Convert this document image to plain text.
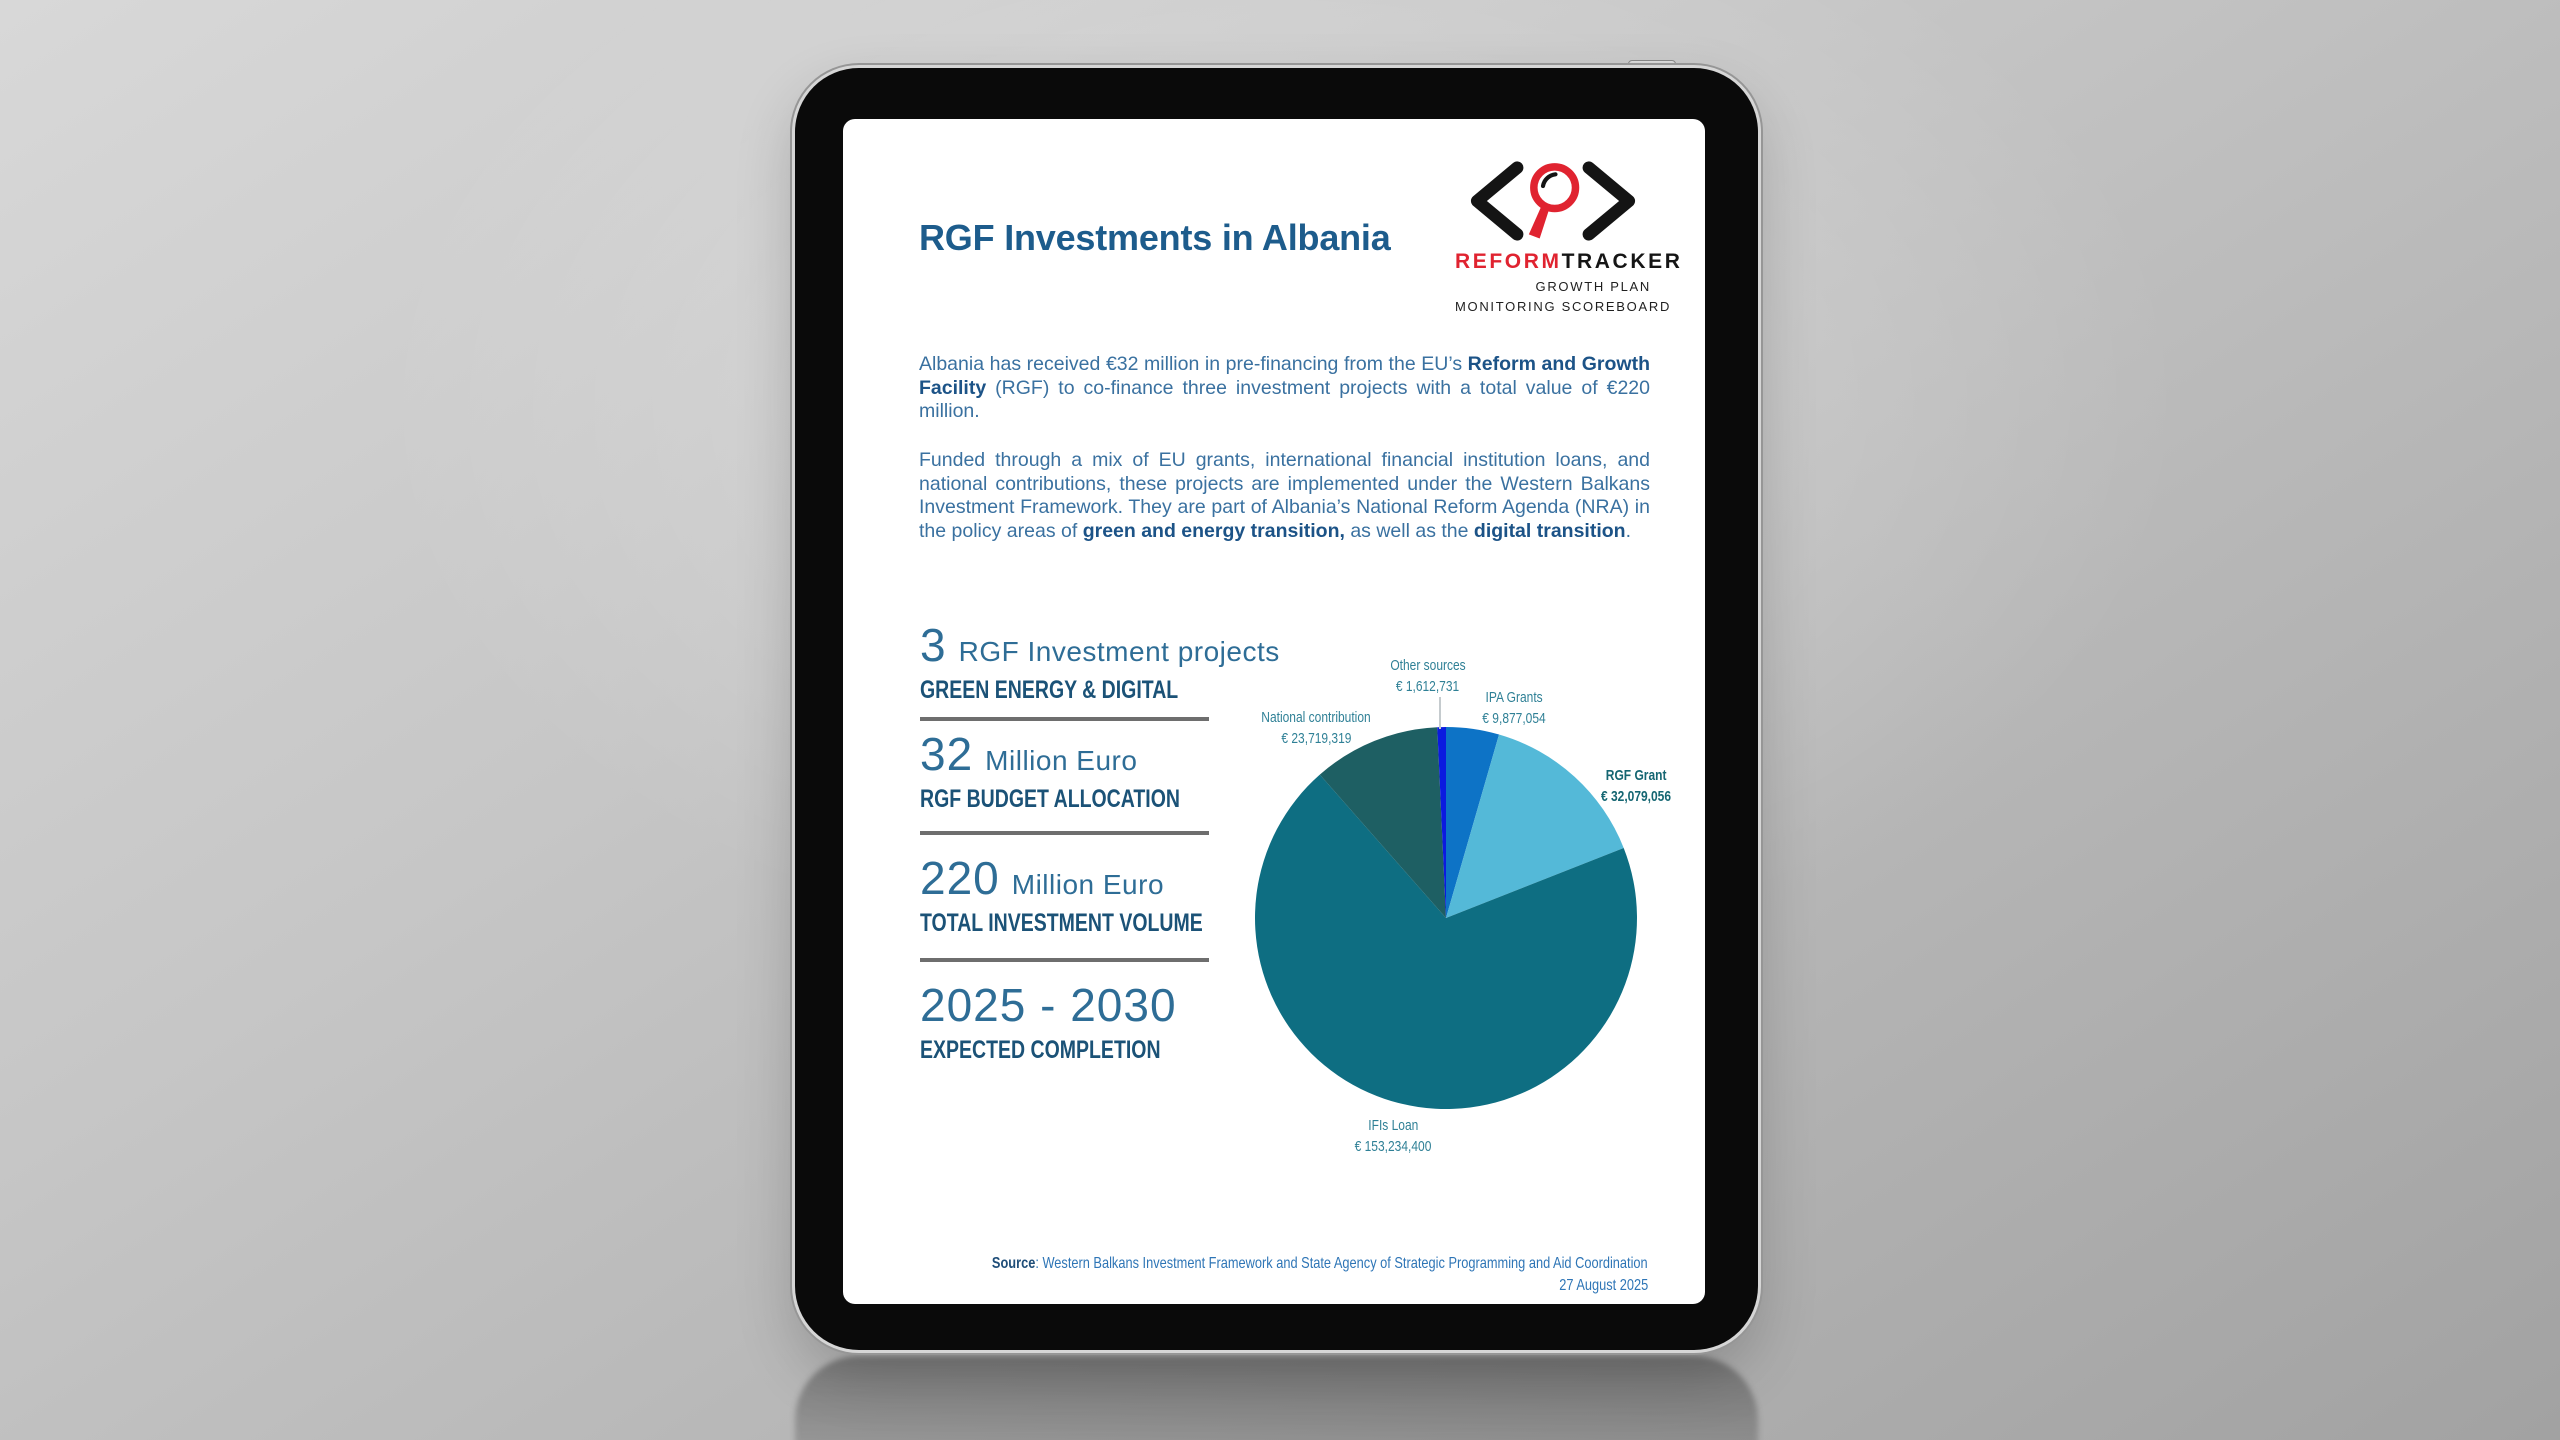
RGF Investments in Albania
REFORMTRACKER
GROWTH PLAN
MONITORING SCOREBOARD
Albania has received €32 million in pre-financing from the EU’s Reform and Growth Facility (RGF) to co-finance three investment projects with a total value of €220 million.
Funded through a mix of EU grants, international financial institution loans, and national contributions, these projects are implemented under the Western Balkans Investment Framework. They are part of Albania’s National Reform Agenda (NRA) in the policy areas of green and energy transition, as well as the digital transition.
3 RGF Investment projects
GREEN ENERGY & DIGITAL
32 Million Euro
RGF BUDGET ALLOCATION
220 Million Euro
TOTAL INVESTMENT VOLUME
2025 - 2030
EXPECTED COMPLETION
Other sources
€ 1,612,731
IPA Grants
€ 9,877,054
National contribution
€ 23,719,319
RGF Grant
€ 32,079,056
IFIs Loan
€ 153,234,400
Source: Western Balkans Investment Framework and State Agency of Strategic Programming and Aid Coordination
27 August 2025
